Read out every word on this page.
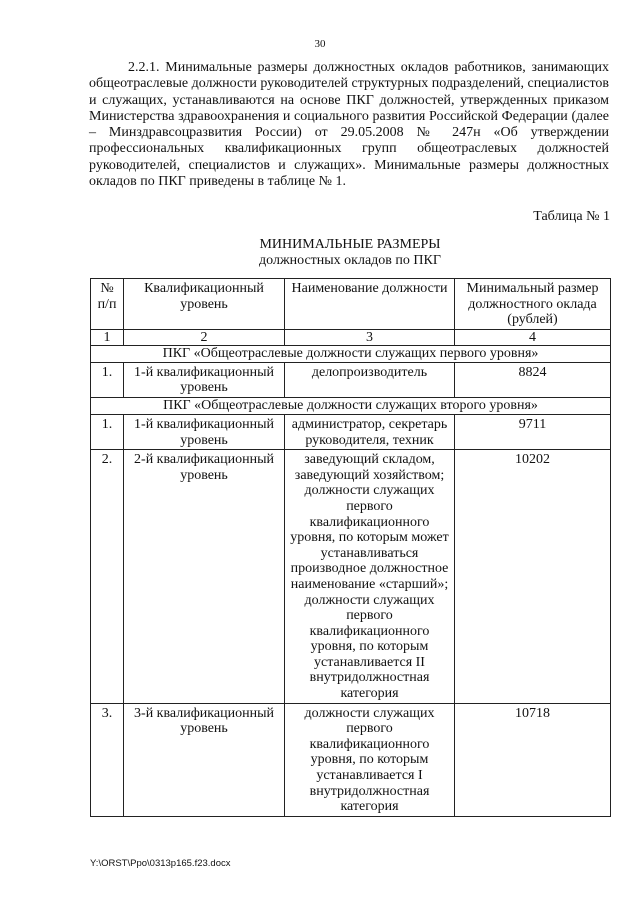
30

2.2.1. Минимальные размеры должностных окладов работников, занимающих общеотраслевые должности руководителей структурных подразделений, специалистов и служащих, устанавливаются на основе ПКГ должностей, утвержденных приказом Министерства здравоохранения и социального развития Российской Федерации (далее – Минздравсоцразвития России) от 29.05.2008 № 247н «Об утверждении профессиональных квалификационных групп общеотраслевых должностей руководителей, специалистов и служащих». Минимальные размеры должностных окладов по ПКГ приведены в таблице № 1.

Таблица № 1
МИНИМАЛЬНЫЕ РАЗМЕРЫ
должностных окладов по ПКГ
№ п/п	Квалификационный уровень	Наименование должности	Минимальный размер должностного оклада (рублей)
1	2	3	4
ПКГ «Общеотраслевые должности служащих первого уровня»			
1.	1-й квалификационный уровень	делопроизводитель	8824
ПКГ «Общеотраслевые должности служащих второго уровня»			
1.	1-й квалификационный уровень	администратор, секретарь руководителя, техник	9711
2.	2-й квалификационный уровень	заведующий складом, заведующий хозяйством; должности служащих первого квалификационного уровня, по которым может устанавливаться производное должностное наименование «старший»; должности служащих первого квалификационного уровня, по которым устанавливается II внутридолжностная категория	10202
3.	3-й квалификационный уровень	должности служащих первого квалификационного уровня, по которым устанавливается I внутридолжностная категория	10718
Y:\ORST\Ppo\0313p165.f23.docx
